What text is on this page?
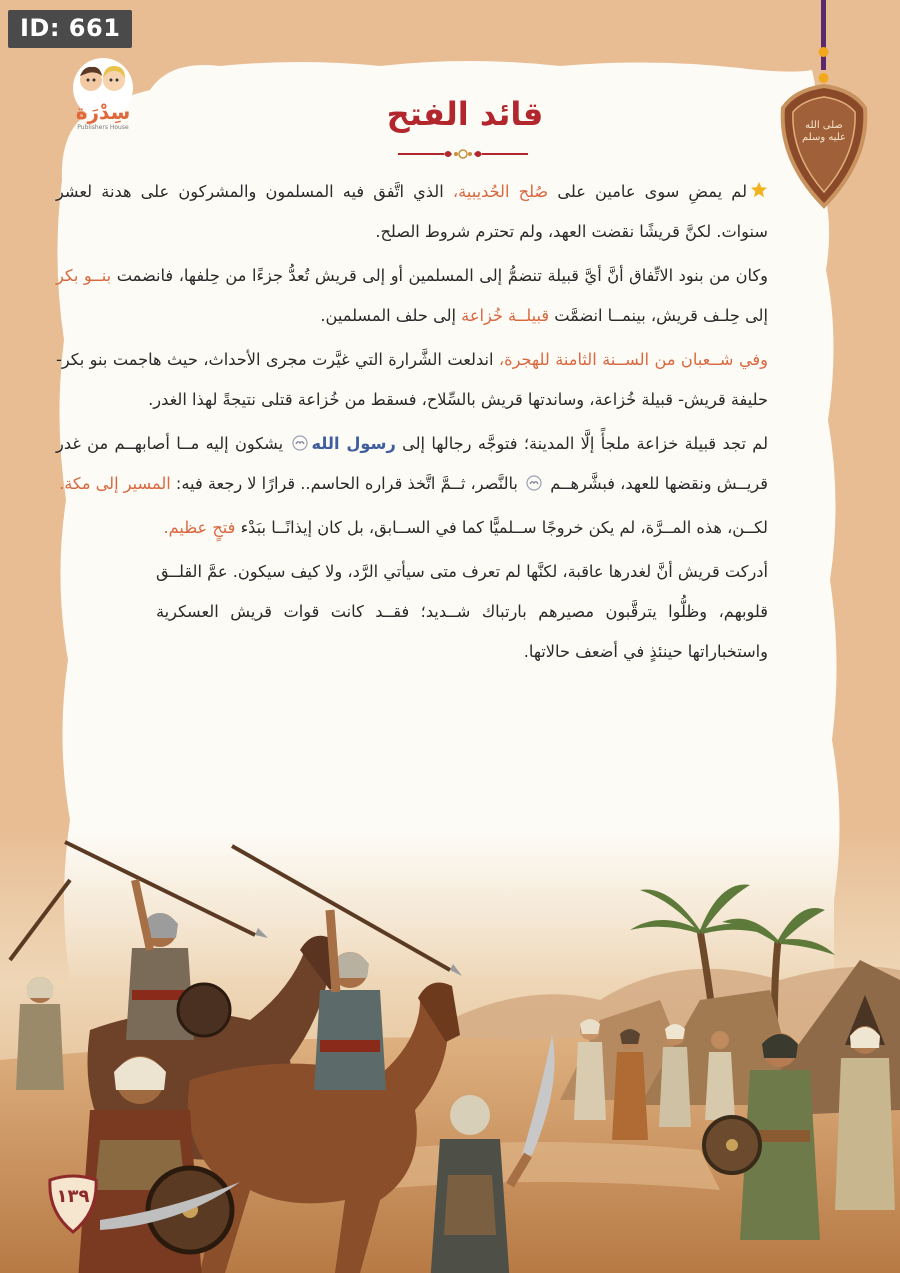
ID: 661
سِدْرَة
Publishers House	صلى الله عليه وسلم
قائد الفتح

لم يمضِ سوى عامين على صُلح الحُديبية، الذي اتَّفق فيه المسلمون والمشركون على هدنة لعشر سنوات. لكنَّ قريشًا نقضت العهد، ولم تحترم شروط الصلح.

وكان من بنود الاتِّفاق أنَّ أيَّ قبيلة تنضمُّ إلى المسلمين أو إلى قريش تُعدُّ جزءًا من حِلفها، فانضمت بنــو بكر إلى حِلـف قريش، بينمــا انضمَّت قبيلــة خُزاعة إلى حلف المسلمين.

وفي شــعبان من الســنة الثامنة للهجرة، اندلعت الشَّرارة التي غيَّرت مجرى الأحداث، حيث هاجمت بنو بكر- حليفة قريش- قبيلة خُزاعة، وساندتها قريش بالسِّلاح، فسقط من خُزاعة قتلى نتيجةً لهذا الغدر.

لم تجد قبيلة خزاعة ملجأً إلَّا المدينة؛ فتوجَّه رجالها إلى رسول الله يشكون إليه مــا أصابهــم من غدر قريــش ونقضها للعهد، فبشَّرهــم  بالنَّصر، ثــمَّ اتَّخذ قراره الحاسم.. قرارًا لا رجعة فيه: المسير إلى مكة.

لكــن، هذه المــرَّة، لم يكن خروجًا ســلميًّا كما في الســابق، بل كان إيذانًــا ببَدْء فتحٍ عظيم.

أدركت قريش أنَّ لغدرها عاقبة، لكنَّها لم تعرف متى سيأتي الرَّد، ولا كيف سيكون. عمَّ القلــق قلوبهم، وظلُّوا يترقَّبون مصيرهم بارتباك شــديد؛ فقــد كانت قوات قريش العسكرية واستخباراتها حينئذٍ في أضعف حالاتها.

١٣٩
